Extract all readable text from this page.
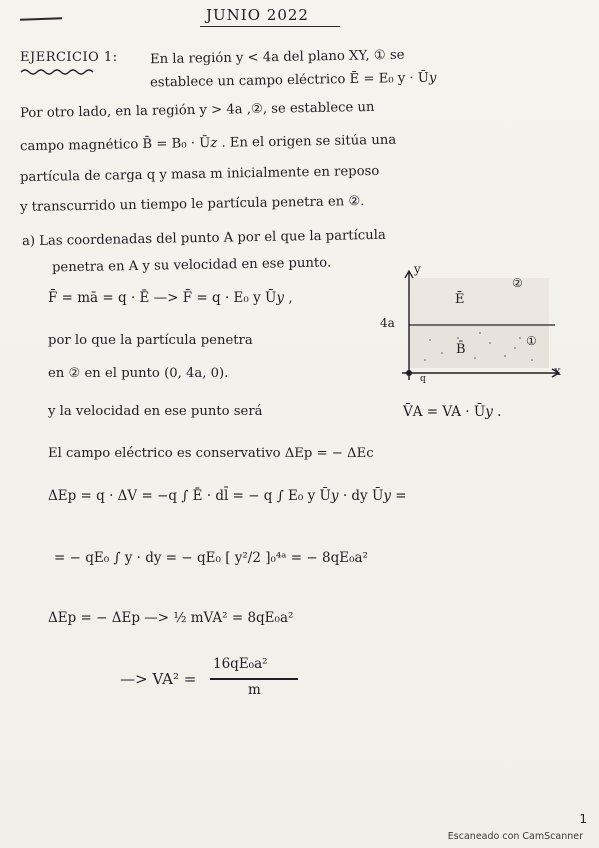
JUNIO 2022
EJERCICIO 1: En la región y < 4a del plano XY, ① se
establece un campo eléctrico Ē = E₀ y · Ū𝑦
Por otro lado, en la región y > 4a ,②, se establece un
campo magnético B̄ = B₀ · Ū𝑧 . En el origen se sitúa una
partícula de carga q y masa m inicialmente en reposo
y transcurrido un tiempo le partícula penetra en ②.
a) Las coordenadas del punto A por el que la partícula
penetra en A y su velocidad en ese punto.
F̄ = mā = q · Ē —> F̄ = q · E₀ y Ū𝑦 ,
por lo que la partícula penetra
en ② en el punto (0, 4a, 0).
y la velocidad en ese punto será	V̄A = VA · Ū𝑦 .
El campo eléctrico es conservativo ΔEp = − ΔEc
ΔEp = q · ΔV = −q ∫ Ē · dl̄ = − q ∫ E₀ y Ū𝑦 · dy Ū𝑦 =
= − qE₀ ∫ y · dy = − qE₀ [ y²/2 ]₀⁴ᵃ = − 8qE₀a²
ΔEp = − ΔEp —> ½ mVA² = 8qE₀a²
—> VA² =
16qE₀a²
m
y
x
4a
②
①
Ē
B̄
q
1
Escaneado con CamScanner
